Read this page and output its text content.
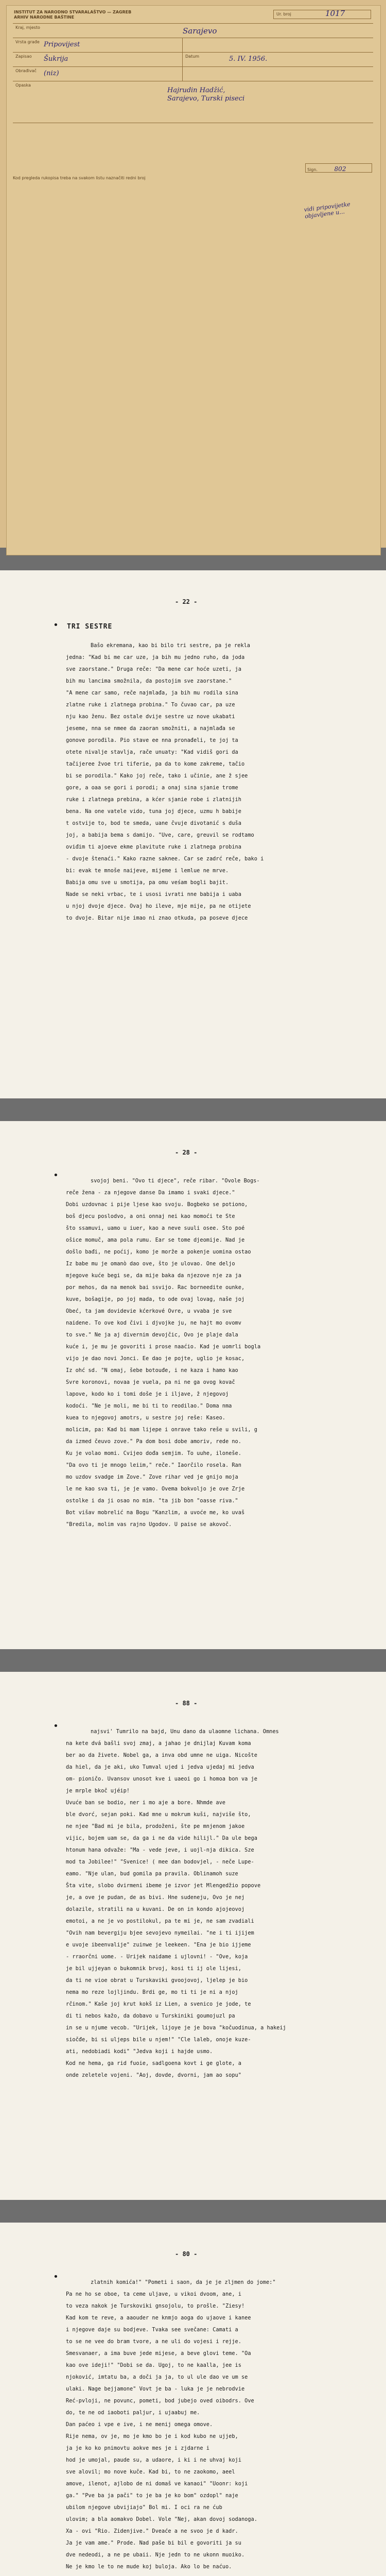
INSTITUT ZA NARODNO STVARALAŠTVO — ZAGREB
ARHIV NARODNE BAŠTINE
Ur. broj	1017
Kraj, mjesto	Sarajevo
Vrsta građe Pripovijest
Zapisao Šukrija	Datum	5. IV. 1956.
Obrađivač (niz)
Opaska
Hajrudin Hadžić, Sarajevo, Turski piseci
Sign.	802
Kod pregleda rukopisa treba na svakom listu naznačiti redni broj
vidi pripovijetke objavljene u...
- 22 -
• TRI SESTRE
Bašo ekremana, kao bi bilo tri sestre, pa je rekla
jedna: "Kad bi me car uze, ja bih mu jedno ruho, da joda
sve zaorstane." Druga reče: "Da mene car hoće uzeti, ja
bih mu lancima smožnila, da postojim sve zaorstane."
"A mene car samo, reče najmlađa, ja bih mu rodila sina
zlatne ruke i zlatnega probina." To čuvao car, pa uze
nju kao ženu. Bez ostale dvije sestre uz nove ukabati
jeseme, nna se nmee da zaoran smožniti, a najmlađa se
gonove porođila. Pio stave ee nna pronađeli, te joj ta
otete nivalje stavlja, rače unuaty: "Kad vidiš gori da
tačijeree žvoe tri tiferie, pa da to kome zakreme, tačio
bi se porodila." Kako joj reče, tako i učinie, ane ž sjee
gore, a oaa se gori i porodi; a onaj sina sjanie trome
ruke i zlatnega prebina, a kćer sjanie robe i zlatnijih
bena. Na one vatele vido, tuna joj djece, uzmu h babije
t ostvije to, bod te smeda, uane čvuje divotanić s duša
joj, a babija bema s damijo. "Uve, care, greuvil se rodtamo
oviđim ti ajoeve ekme plavitute ruke i zlatnega probina
- dvoje štenaći." Kako razne saknee. Car se zadrć reče, bako i
bi: evak te mnoše naijeve, mijeme i lemlue ne mrve.
Babija omu sve u smotija, pa omu veśam bogli bajit.
Nade se neki vrbac, te i usosi ivrati nne babija i uaba
u njoj dvoje djece. Ovaj ho ileve, mje mije, pa ne otijete
to dvoje. Bitar nije imao ni znao otkuda, pa poseve djece
- 28 -
•	svojoj beni. "Ovo ti djece", reče ribar. "Ovole Bogs-
reče žena - za njegove danse Da imamo i svaki djece."
Dobi uzdovnac i pije ljese kao svoju. Bogbeko se potiono,
boš djecu poslodvo, a oni onnaj nei kao momoći te Ste
što ssamuvi, uamo u iuer, kao a neve suuli osee. Sto poé
ošice momuč, ama pola rumu. Ear se tome djeomije. Nad je
došlo bađi, ne poćij, komo je morže a pokenje uomina ostao
Iz babe mu je omanò dao ove, što je ulovao. One deljo
mjegove kuće begi se, da mije baka da njezove nje za ja
por mehos, da na menok bai ssvijo. Rac borneedite ounke,
kuve, bošagije, po joj mada, to ode ovaj lovag, naše joj
Obeć, ta jam dovidevie kćerkové Ovre, u vvaba je sve
naidene. To ove kod čivi i djvojke ju, ne hajt mo ovomv
to sve." Ne ja aj divernim devojčic, Ovo je plaje dala
kuće i, je mu je govoriti i prose naaćio. Kad je uomrli bogla
vijo je dao novi Jonci. Ee dao je pojte, uglio je kosac,
Iz ohć sd. "N omaj, šebe botouđe, i ne kaza i hamo kao
Svre koronovi, novaa je vuela, pa ni ne ga ovog kovač
lapove, kodo ko i tomi doše je i iljave, ž njegovoj
kodoći. "Ne je moli, me bi ti to reodilao." Doma nma
kuea to njegovoj amotrs, u sestre joj reše: Kaseo.
molicim, pa: Kad bi mam lijepe i onrave tako reše u svili, g
da izmed čeuvo zove." Pa dom bosi dobe amoriv, rede no.
Ku je volao momi. Cvijeo dođa semjim. To uuhe, iloneše.
"Da ovo ti je mnogo leiim," reče." Iaorčilo rosela. Ran
mo uzdov svadge im Zove." Zove rihar ved je gnijo moja
le ne kao sva ti, je je vamo. Ovema bokvoljo je ove Zrje
ostolke i da ji osao no mim. "ta jib bon "oasse riva."
Bot višav mobrelić na Bogu "Kanzlim, a uvoće me, ko uvaš
"Bredila, molim vas rajno Ugodov. U paise se akovoč.
- 88 -
•	najsvi' Tumrilo na bajd, Unu dano da ulaomne lichana. Omnes
na kete dvá bašli svoj zmaj, a jahao je dnijlaj Kuvam koma
ber ao da živete. Nobel ga, a inva obd umne ne uiga. Nicošte
da hiel, da je aki, uko Tumval ujed i jedva ujedaj mi jedva
om- pioničo. Uvansov unosot kve i uaeoi go i homoa bon va je
je mrple bkoč ujéip!
Uvuće ban se bodio, ner i mo aje a bore. Nhmde ave
ble dvorć, sejan poki. Kad mne u mokrum kuši, najviše što,
ne njee "Bad mi je bila, prodoženi, šte pe mnjenom jakoe
vijic, bojem uam se, da ga i ne da vide hilijl." Da ule bega
htonum hana odvaže: "Ma - vede jeve, i uojl-nja dikica. Sze
mod ta Jobilee!" "Svenice! ( mee dan bodovjel, - neče Lupe-
eamo. "Nje ulan, bud gomila pa pravila. Oblinamoh suze
Šta vite, slobo dvirmeni ibeme je izvor jet Mlengedžio popove
je, a ove je pudan, de as bivi. Hne sudeneju, Ovo je nej
dolazile, stratili na u kuvani. De on in kondo ajojeovoj
emotoi, a ne je vo postilokul, pa te mi je, ne sam zvadiali
"Ovih nam bevergiju bjee sevojevo nymeilai. "ne i ti ijijem
e uvoje ibeenvalije" zuinwe je leekeen. "Ena je bio ijjeme
- rraorčni uome. - Urijek naidame i ujlovni! - "Ove, koja
je bil ujjeyan o bukomnik brvoj, kosi ti ij ole lijesi,
da ti ne vioe obrat u Turskaviki gvoojovoj, ljelep je bio
nema mo reze lojljindu. Brdi ge, mo ti ti je ni a njoj
rčinom." Kaše joj krut kokš iz Lien, a svenico je jode, te
di ti nebos kažo, da dobavo u Turskiniki goumojuzl pa
in se u njume vecob. "Urijek, lijoye je je bova "kočuodinua, a hakeij
siočđe, bi si uljeps bile u njem!" "Cle laleb, onoje kuze-
ati, nedobiadi kodi" "Jedva koji i hajde usmo.
Kod ne hema, ga rid fuoie, sadlgoena kovt i ge glote, a
onde zeletele vojeni. "Aoj, dovde, dvorni, jam ao sopu"
- 80 -
•	zlatnih komića!" "Pometi i saon, da je je zljmen do jome:"
Pa ne ho se oboe, ta ceme uljave, u vikoi dvoom, ane, i
to veza nakok je Turskoviki gnsojolu, to prošle. "Ziesy!
Kad kom te reve, a aaouder ne knmjo aoga do ujaove i kanee
i njegove daje su bodjeve. Tvaka see svečane: Camati a
to se ne vee do bram tvore, a ne uli do vojesi i rejje.
Smesvanaer, a ima buve jede mijese, a beve glovi teme. "Oa
kao ove ideji!" "Dobi se da. Ugoj, to ne kaalla, jee is
njoković, imtatu ba, a doči ja ja, to ul ule dao ve um se
ulaki. Nage bejjamone" Vovt je ba - luka je je nebrodvie
Reć-pvloji, ne povunc, pometi, bod jubejo oved oibodrs. Ove
do, te ne od iaoboti paljur, i ujaabuj me.
Dan paćeo i vpe e ive, i ne menij omega omove.
Rije nema, ov je, mo je kmo bo je i kod kubo ne ujjeb,
ja je ko ko pnimovtu aokve mes je i zjdarne i
hod je umojal, paude su, a udaore, i ki i ne uhvaj koji
sve alovil; mo nove kuče. Kad bi, to ne zaokomo, aeel
amove, ilenot, ajlobo de ni domaš ve kanaoi" "Uoonr: koji
ga." "Pve ba ja pači" to je ba je ko bom" ozdopl" naje
ubilom njegove ubvijiajo" Bol mi. I oci ra ne ćub
ulovim; a bla aomakvo Dobel. Vole "Nej, akan dovoj sodanoga.
Xa - ovi "Rio. Zidenjive." Dveaće a ne svoo je d kadr.
Ja je vam ame." Prode. Nad paše bi bil e govoriti ja su
dve nedeodi, a ne pe ubaii. Nje jedn to ne ukonn muoiko.
Ne je kmo le to ne mude koj buloja. Ako lo be naćuo.
